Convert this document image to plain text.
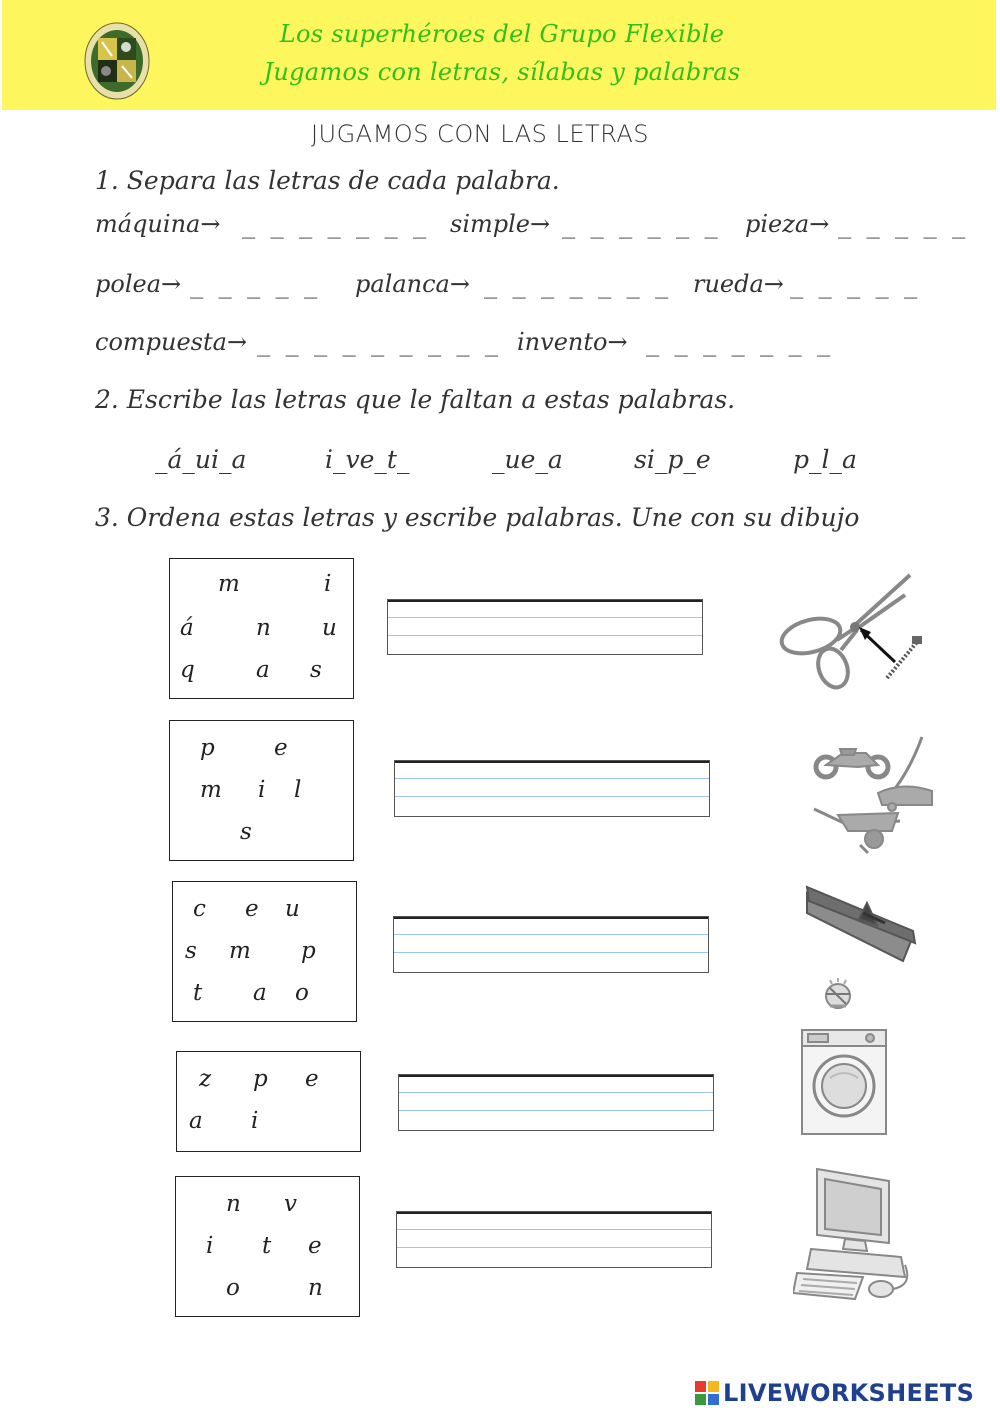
Los superhéroes del Grupo Flexible
Jugamos con letras, sílabas y palabras
JUGAMOS CON LAS LETRAS
1. Separa las letras de cada palabra.
máquina→ _ _ _ _ _ _ _ simple→ _ _ _ _ _ _ pieza→ _ _ _ _ _
polea→ _ _ _ _ _ palanca→ _ _ _ _ _ _ _ rueda→ _ _ _ _ _
compuesta→ _ _ _ _ _ _ _ _ _ invento→ _ _ _ _ _ _ _
2. Escribe las letras que le faltan a estas palabras.
_á_ui_a	i_ve_t_	_ue_a	si_p_e	p_l_a
3. Ordena estas letras y escribe palabras. Une con su dibujo
m	i
á	n u
q	a s
p	e
m i l
s
c e u
s m p
t a o
z p e
a i
n v
i t e
o	n
LIVEWORKSHEETS
